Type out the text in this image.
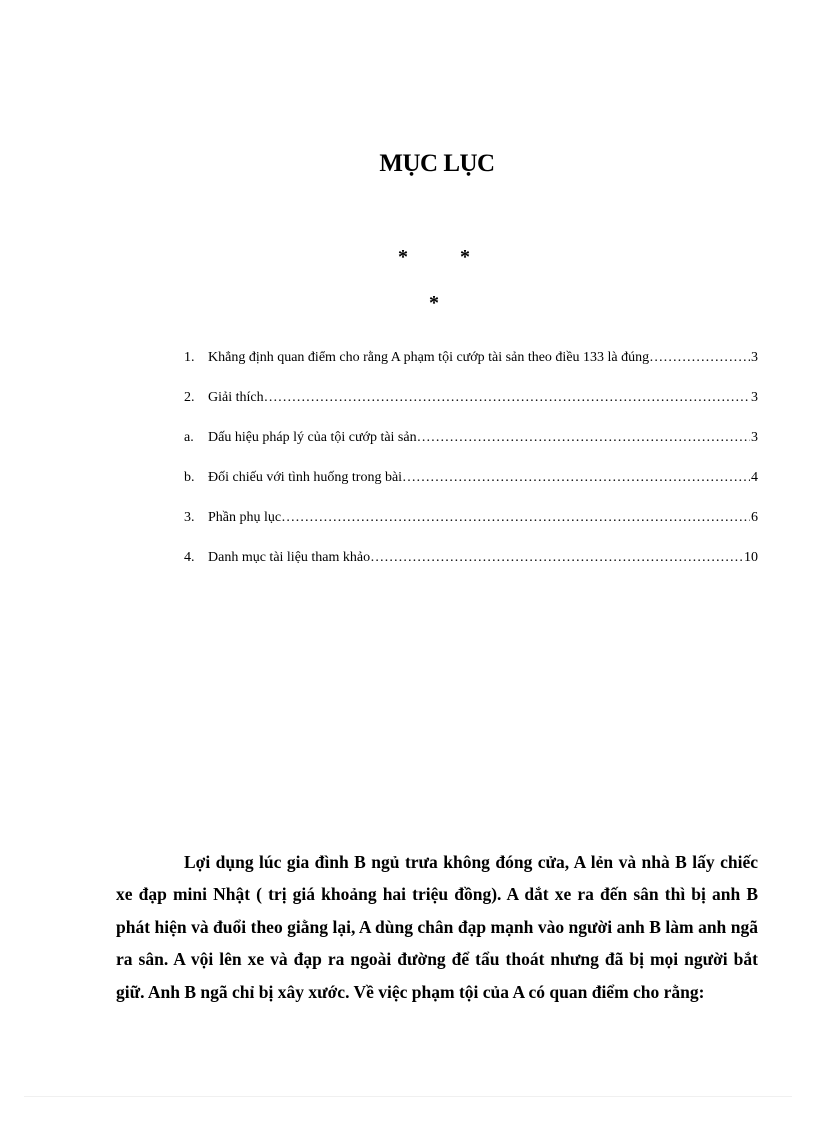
MỤC LỤC
*	*
*
1. Khẳng định quan điểm cho rằng A phạm tội cướp tài sản theo điều 133 là đúng ………………………………………………………………………………………………………………………………………	3
2. Giải thích ………………………………………………………………………………………………………………………………………	3
a.	Dấu hiệu pháp lý của tội cướp tài sản ………………………………………………………………………………………………………………………………………	3
b. Đối chiếu với tình huống trong bài ………………………………………………………………………………………………………………………………………	4
3. Phần phụ lục ………………………………………………………………………………………………………………………………………	6
4. Danh mục tài liệu tham khảo ………………………………………………………………………………………………………………………………………	10

Lợi dụng lúc gia đình B ngủ trưa không đóng cửa, A lẻn và nhà B lấy chiếc xe đạp mini Nhật ( trị giá khoảng hai triệu đồng). A dắt xe ra đến sân thì bị anh B phát hiện và đuổi theo giằng lại, A dùng chân đạp mạnh vào người anh B làm anh ngã ra sân. A vội lên xe và đạp ra ngoài đường để tẩu thoát nhưng đã bị mọi người bắt giữ. Anh B ngã chỉ bị xây xước. Về việc phạm tội của A có quan điểm cho rằng:
